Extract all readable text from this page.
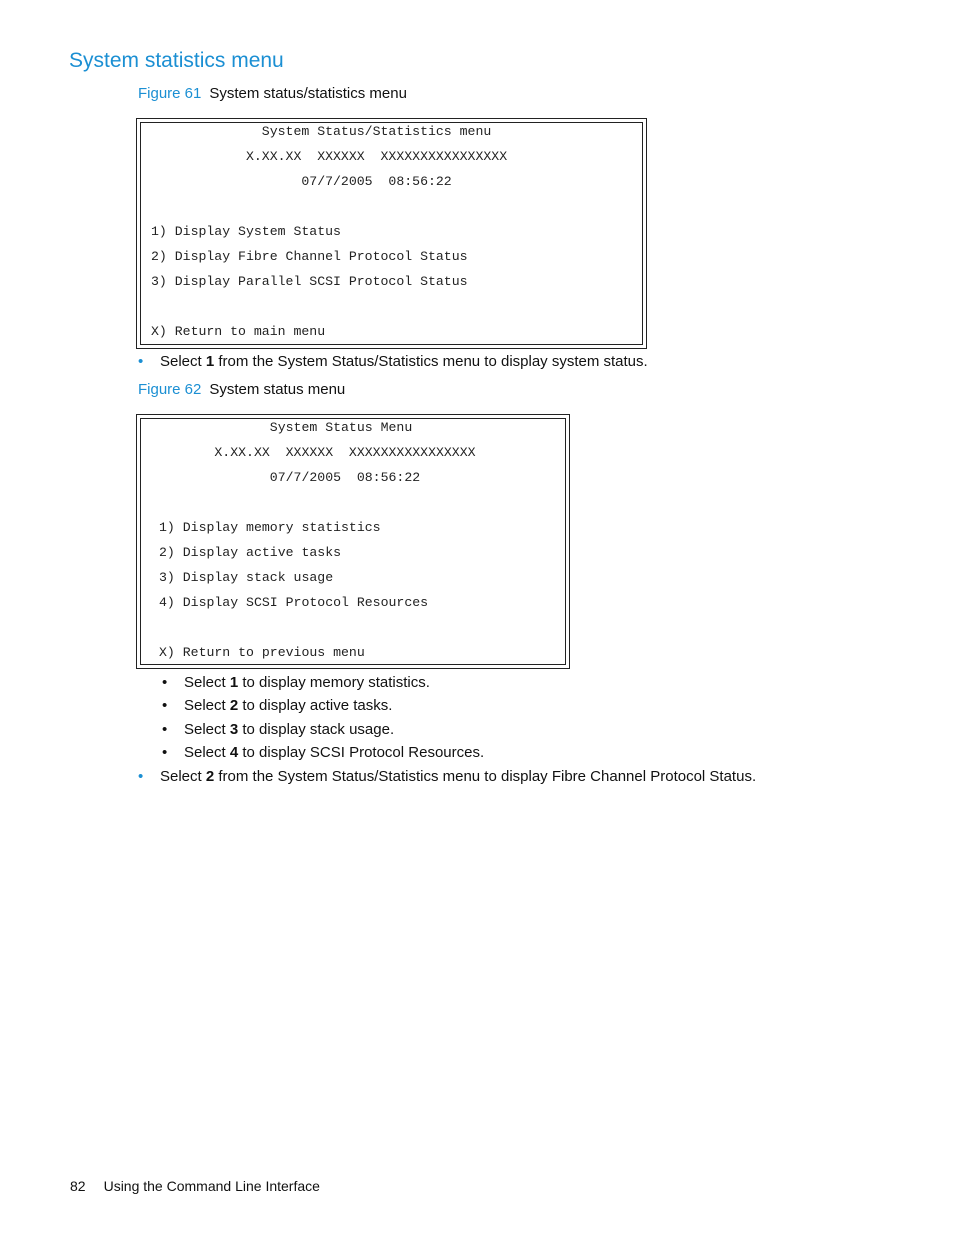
System statistics menu
Figure 61 System status/statistics menu
System Status/Statistics menu
X.XX.XX  XXXXXX  XXXXXXXXXXXXXXXX
07/7/2005  08:56:22
1) Display System Status
2) Display Fibre Channel Protocol Status
3) Display Parallel SCSI Protocol Status
X) Return to main menu
• Select 1 from the System Status/Statistics menu to display system status.
Figure 62 System status menu
System Status Menu
X.XX.XX  XXXXXX  XXXXXXXXXXXXXXXX
07/7/2005  08:56:22
1) Display memory statistics
2) Display active tasks
3) Display stack usage
4) Display SCSI Protocol Resources
X) Return to previous menu
• Select 1 to display memory statistics.
• Select 2 to display active tasks.
• Select 3 to display stack usage.
• Select 4 to display SCSI Protocol Resources.
• Select 2 from the System Status/Statistics menu to display Fibre Channel Protocol Status.
82 Using the Command Line Interface
